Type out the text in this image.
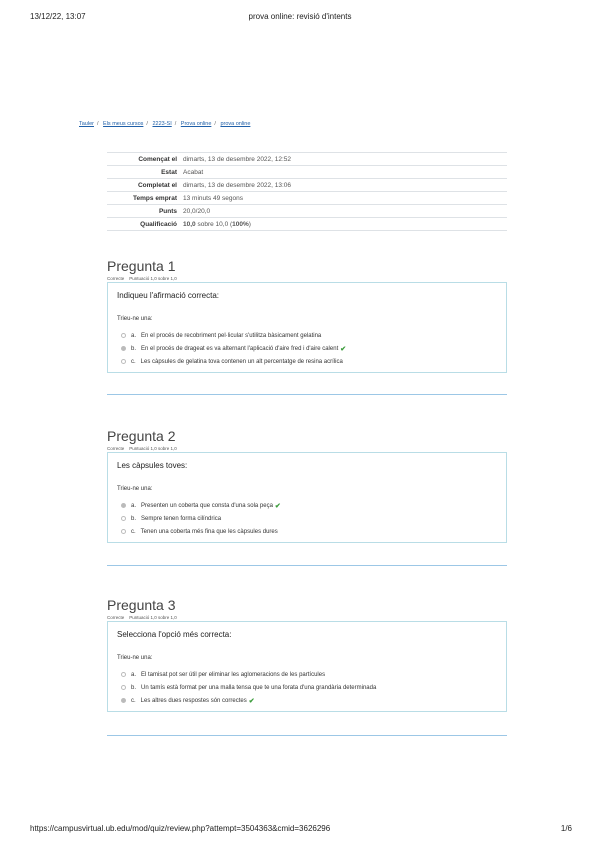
13/12/22, 13:07	prova online: revisió d'intents
Tauler / Els meus cursos / 2223-SI / Prova online / prova online
Començat el	dimarts, 13 de desembre 2022, 12:52
Estat	Acabat
Completat el	dimarts, 13 de desembre 2022, 13:06
Temps emprat	13 minuts 49 segons
Punts	20,0/20,0
Qualificació	10,0 sobre 10,0 (100%)
Pregunta 1
Correcte Puntuació 1,0 sobre 1,0
Indiqueu l'afirmació correcta:
Trieu-ne una:
a. En el procés de recobriment pel·licular s'utilitza bàsicament gelatina
b. En el procés de drageat es va alternant l'aplicació d'aire fred i d'aire calent ✔
c. Les càpsules de gelatina tova contenen un alt percentatge de resina acrílica
Pregunta 2
Correcte Puntuació 1,0 sobre 1,0
Les càpsules toves:
Trieu-ne una:
a. Presenten un coberta que consta d'una sola peça ✔
b. Sempre tenen forma cilíndrica
c. Tenen una coberta més fina que les càpsules dures
Pregunta 3
Correcte Puntuació 1,0 sobre 1,0
Selecciona l'opció més correcta:
Trieu-ne una:
a. El tamisat pot ser útil per eliminar les aglomeracions de les partícules
b. Un tamís està format per una malla tensa que te una forata d'una grandària determinada
c. Les altres dues respostes són correctes ✔
https://campusvirtual.ub.edu/mod/quiz/review.php?attempt=3504363&cmid=3626296	1/6
